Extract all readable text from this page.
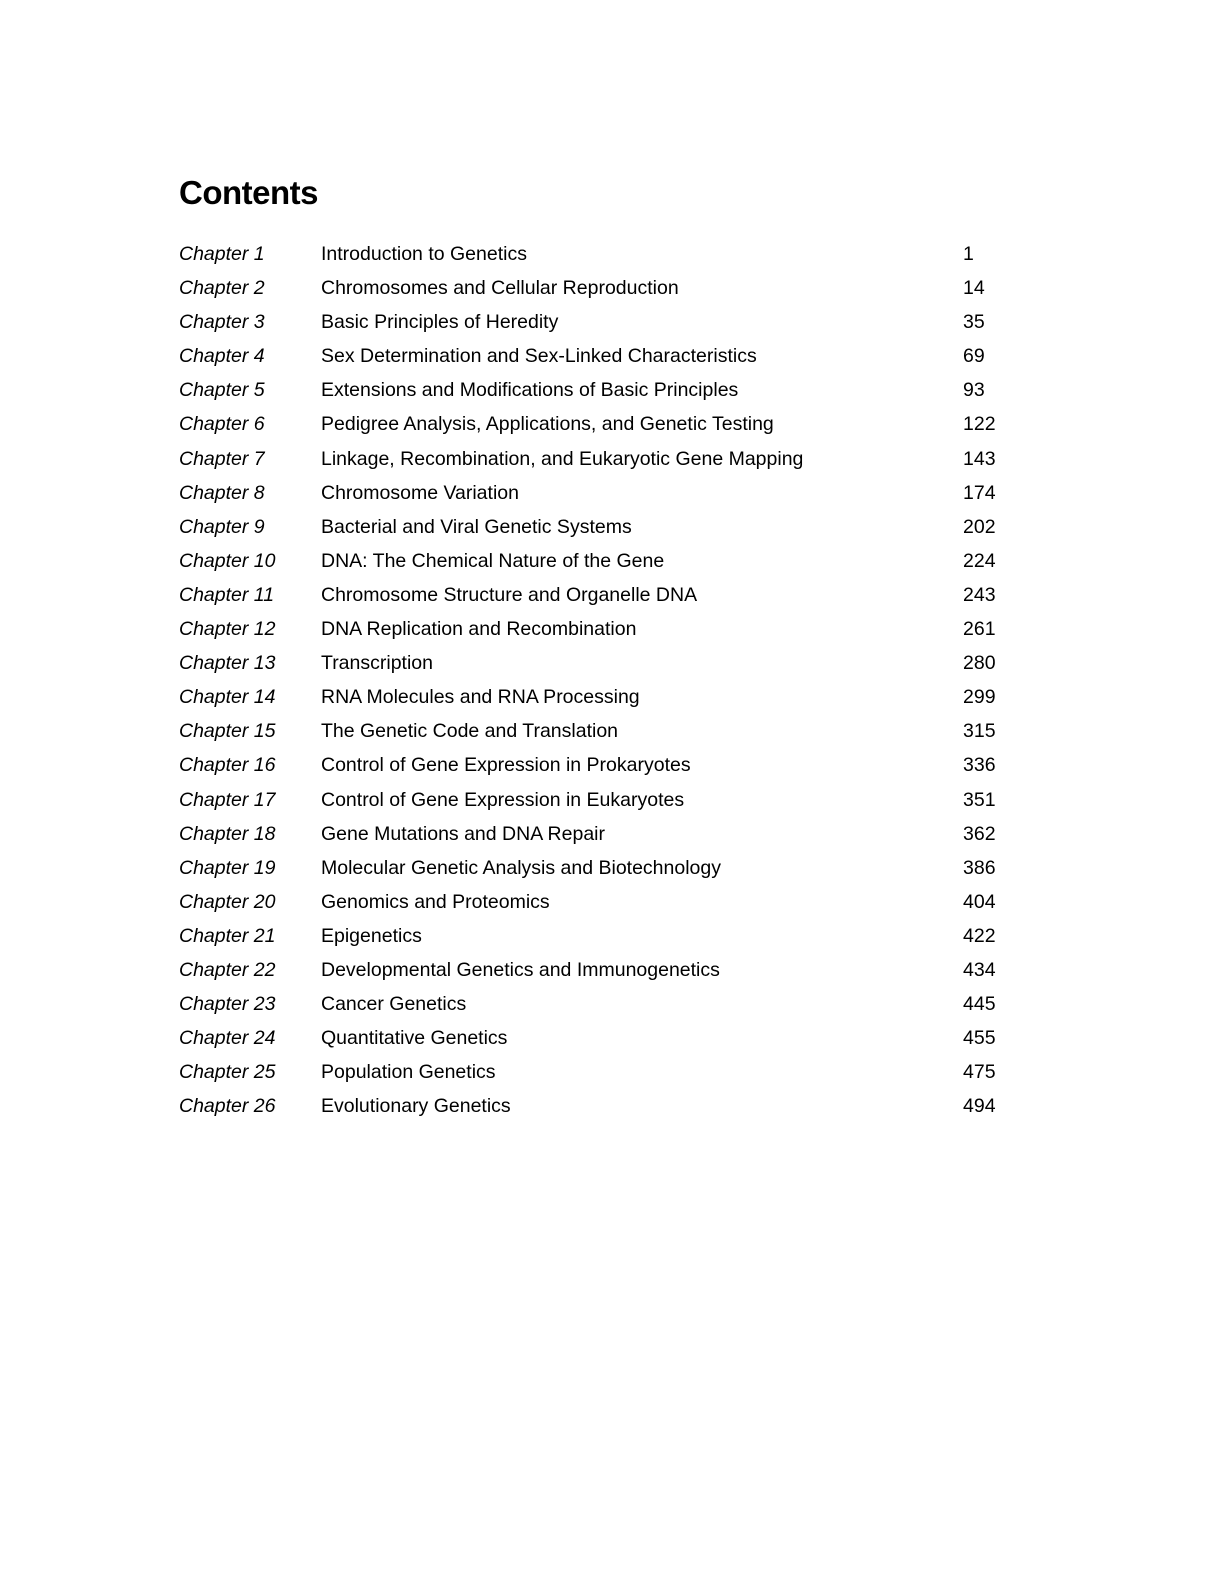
Contents
Chapter 1	Introduction to Genetics	1
Chapter 2	Chromosomes and Cellular Reproduction	14
Chapter 3	Basic Principles of Heredity	35
Chapter 4	Sex Determination and Sex-Linked Characteristics	69
Chapter 5	Extensions and Modifications of Basic Principles	93
Chapter 6	Pedigree Analysis, Applications, and Genetic Testing	122
Chapter 7	Linkage, Recombination, and Eukaryotic Gene Mapping	143
Chapter 8	Chromosome Variation	174
Chapter 9	Bacterial and Viral Genetic Systems	202
Chapter 10 DNA: The Chemical Nature of the Gene	224
Chapter 11 Chromosome Structure and Organelle DNA	243
Chapter 12 DNA Replication and Recombination	261
Chapter 13 Transcription	280
Chapter 14 RNA Molecules and RNA Processing	299
Chapter 15 The Genetic Code and Translation	315
Chapter 16 Control of Gene Expression in Prokaryotes	336
Chapter 17 Control of Gene Expression in Eukaryotes	351
Chapter 18 Gene Mutations and DNA Repair	362
Chapter 19 Molecular Genetic Analysis and Biotechnology	386
Chapter 20 Genomics and Proteomics	404
Chapter 21 Epigenetics	422
Chapter 22 Developmental Genetics and Immunogenetics	434
Chapter 23 Cancer Genetics	445
Chapter 24 Quantitative Genetics	455
Chapter 25 Population Genetics	475
Chapter 26 Evolutionary Genetics	494
